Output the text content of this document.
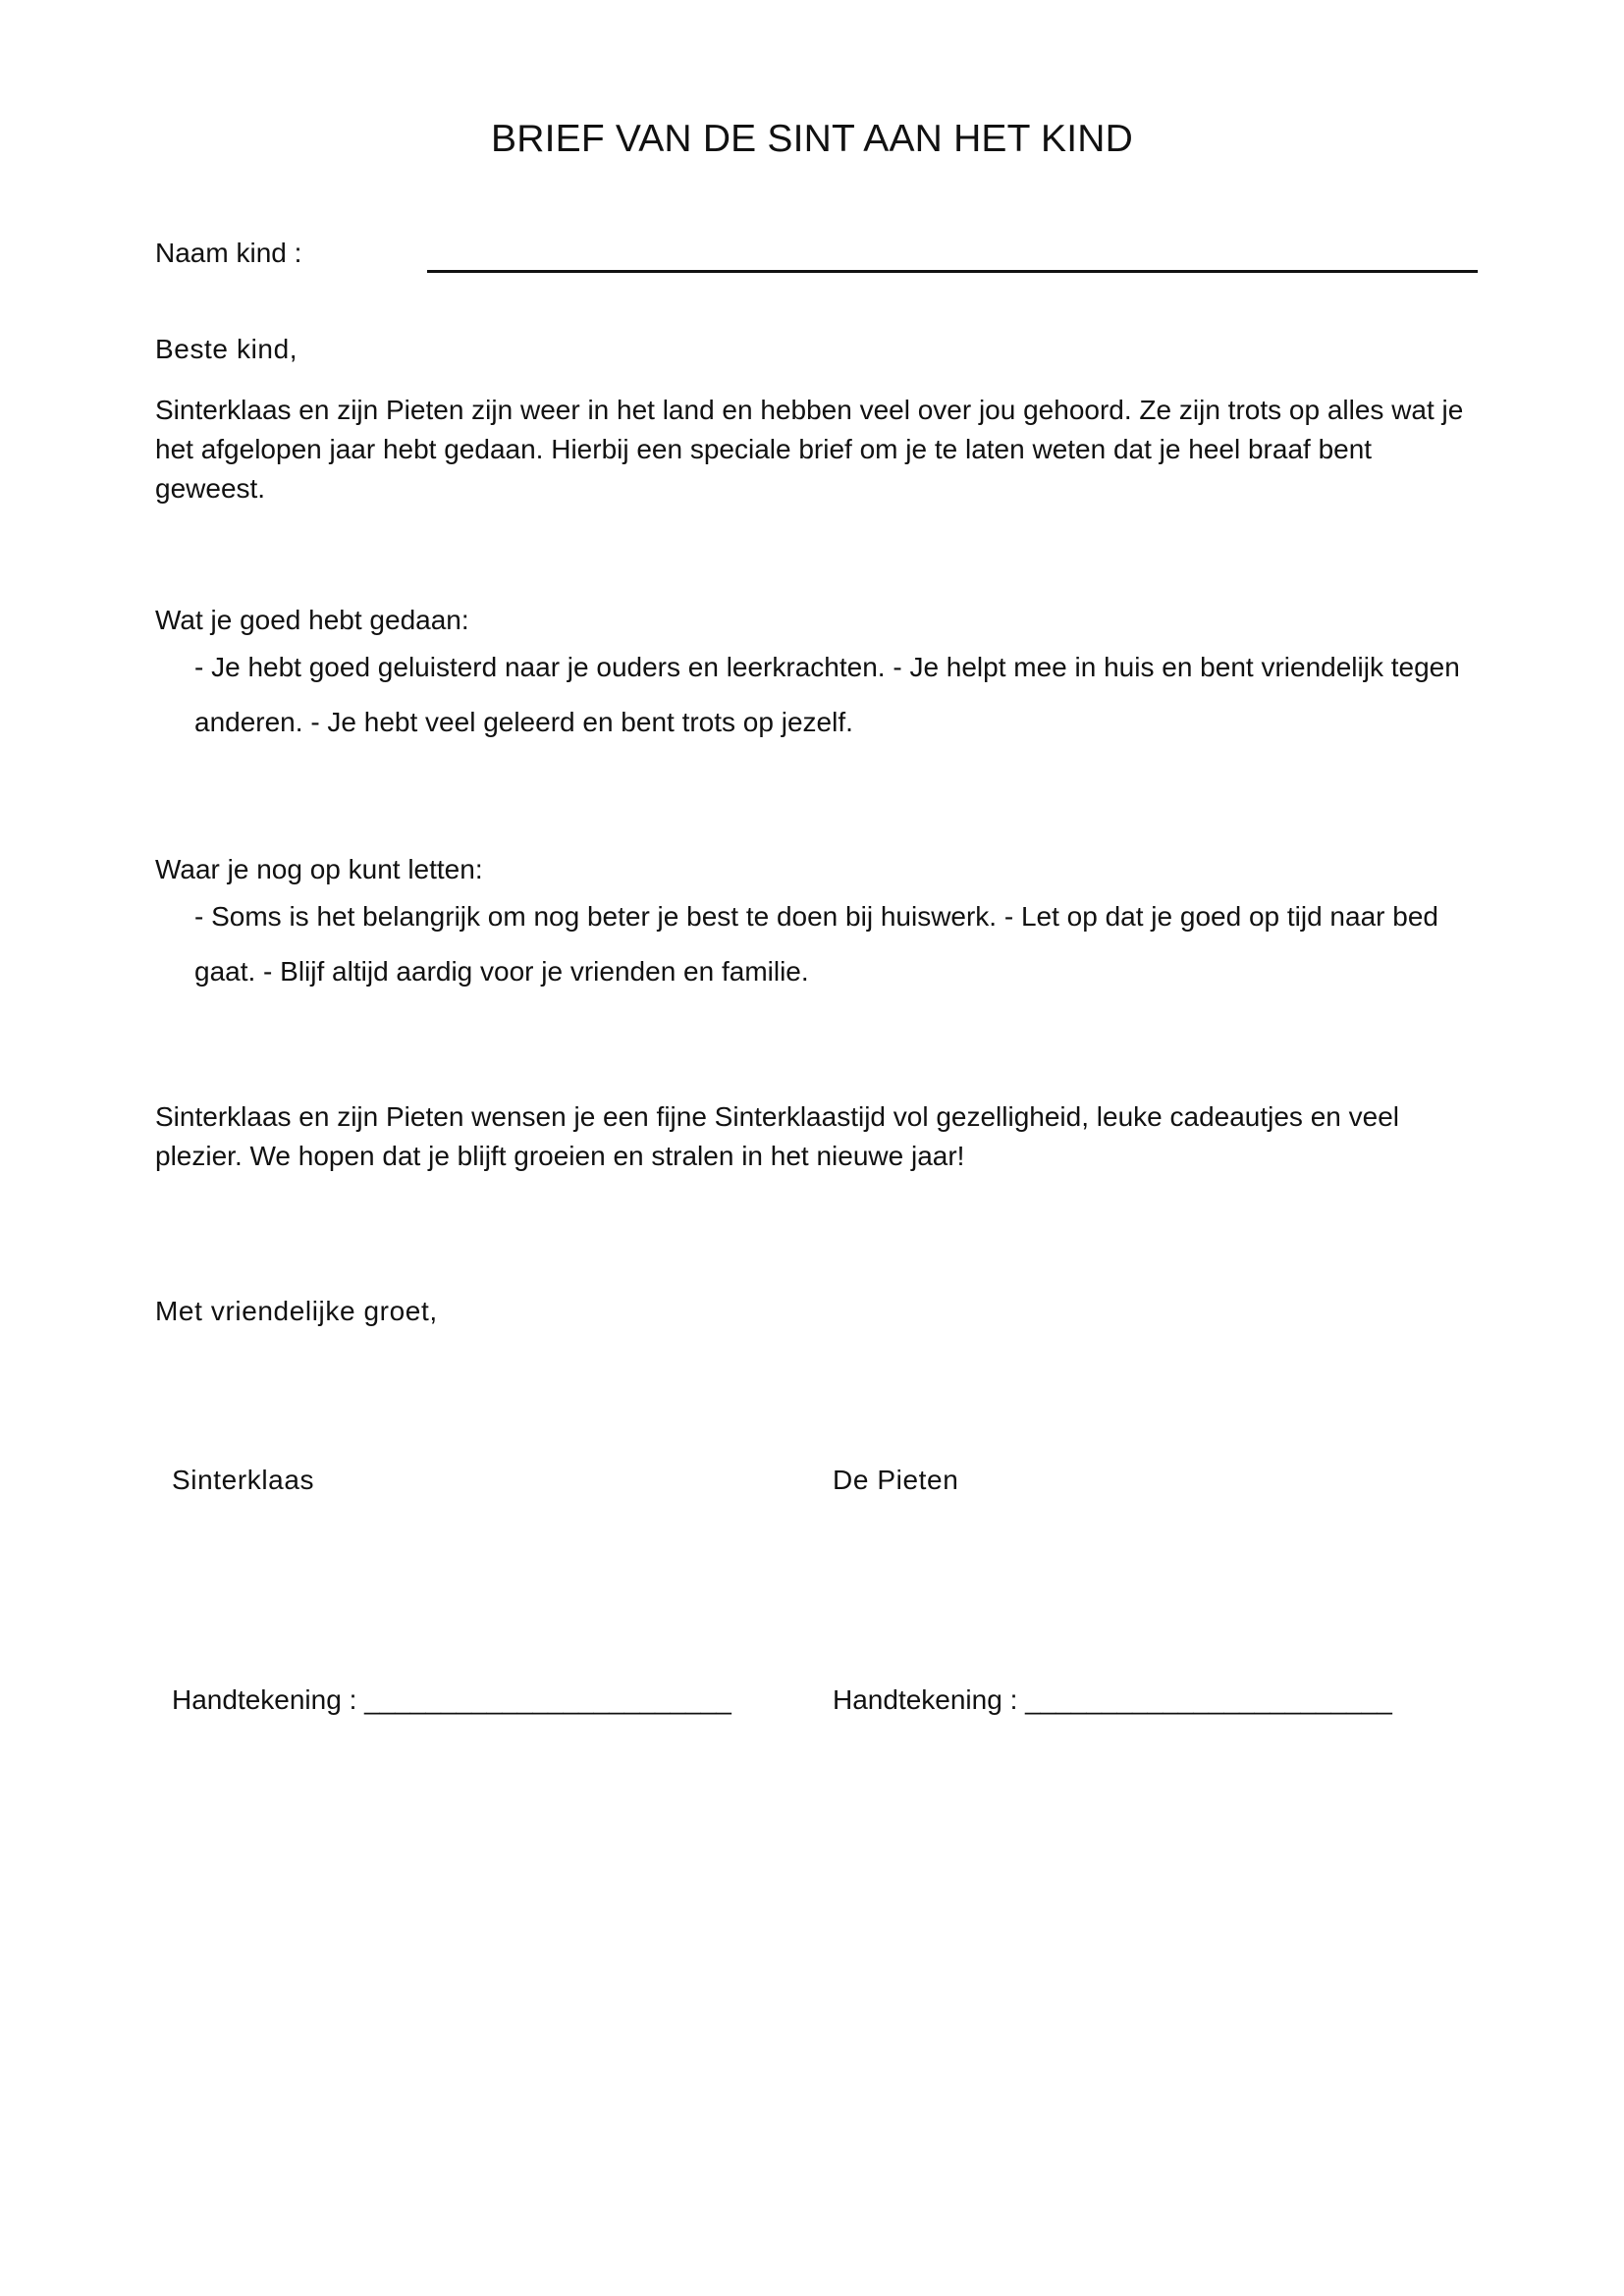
BRIEF VAN DE SINT AAN HET KIND
Naam kind :
Beste kind,
Sinterklaas en zijn Pieten zijn weer in het land en hebben veel over jou gehoord. Ze zijn trots op alles wat je
het afgelopen jaar hebt gedaan. Hierbij een speciale brief om je te laten weten dat je heel braaf bent
geweest.
Wat je goed hebt gedaan:
- Je hebt goed geluisterd naar je ouders en leerkrachten. - Je helpt mee in huis en bent vriendelijk tegen
anderen. - Je hebt veel geleerd en bent trots op jezelf.
Waar je nog op kunt letten:
- Soms is het belangrijk om nog beter je best te doen bij huiswerk. - Let op dat je goed op tijd naar bed
gaat. - Blijf altijd aardig voor je vrienden en familie.
Sinterklaas en zijn Pieten wensen je een fijne Sinterklaastijd vol gezelligheid, leuke cadeautjes en veel
plezier. We hopen dat je blijft groeien en stralen in het nieuwe jaar!
Met vriendelijke groet,
Sinterklaas	De Pieten
Handtekening : ________________________	Handtekening : ________________________
